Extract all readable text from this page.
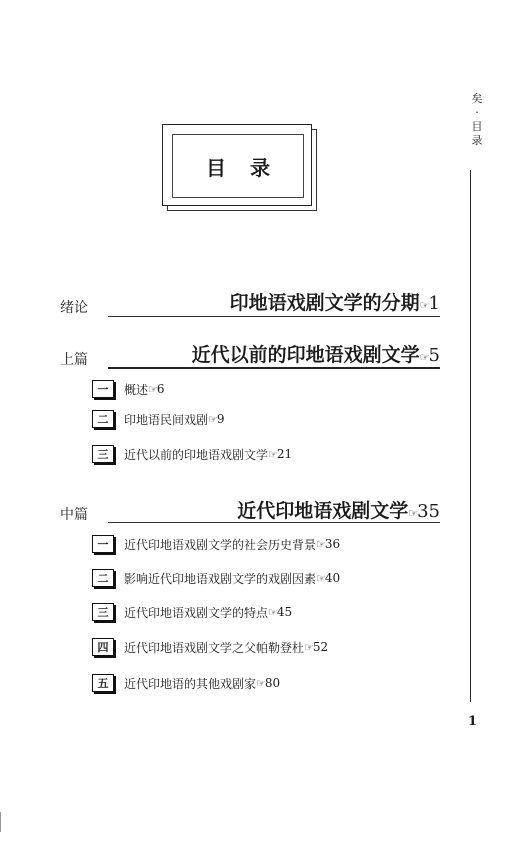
矣·目录
1
目录
绪论	印地语戏剧文学的分期☞1
上篇	近代以前的印地语戏剧文学☞5
一	概述 ☞ 6
二	印地语民间戏剧 ☞ 9
三	近代以前的印地语戏剧文学 ☞ 21
中篇	近代印地语戏剧文学☞35
一	近代印地语戏剧文学的社会历史背景 ☞ 36
二	影响近代印地语戏剧文学的戏剧因素 ☞ 40
三	近代印地语戏剧文学的特点 ☞ 45
四	近代印地语戏剧文学之父帕勒登杜 ☞ 52
五	近代印地语的其他戏剧家 ☞ 80
